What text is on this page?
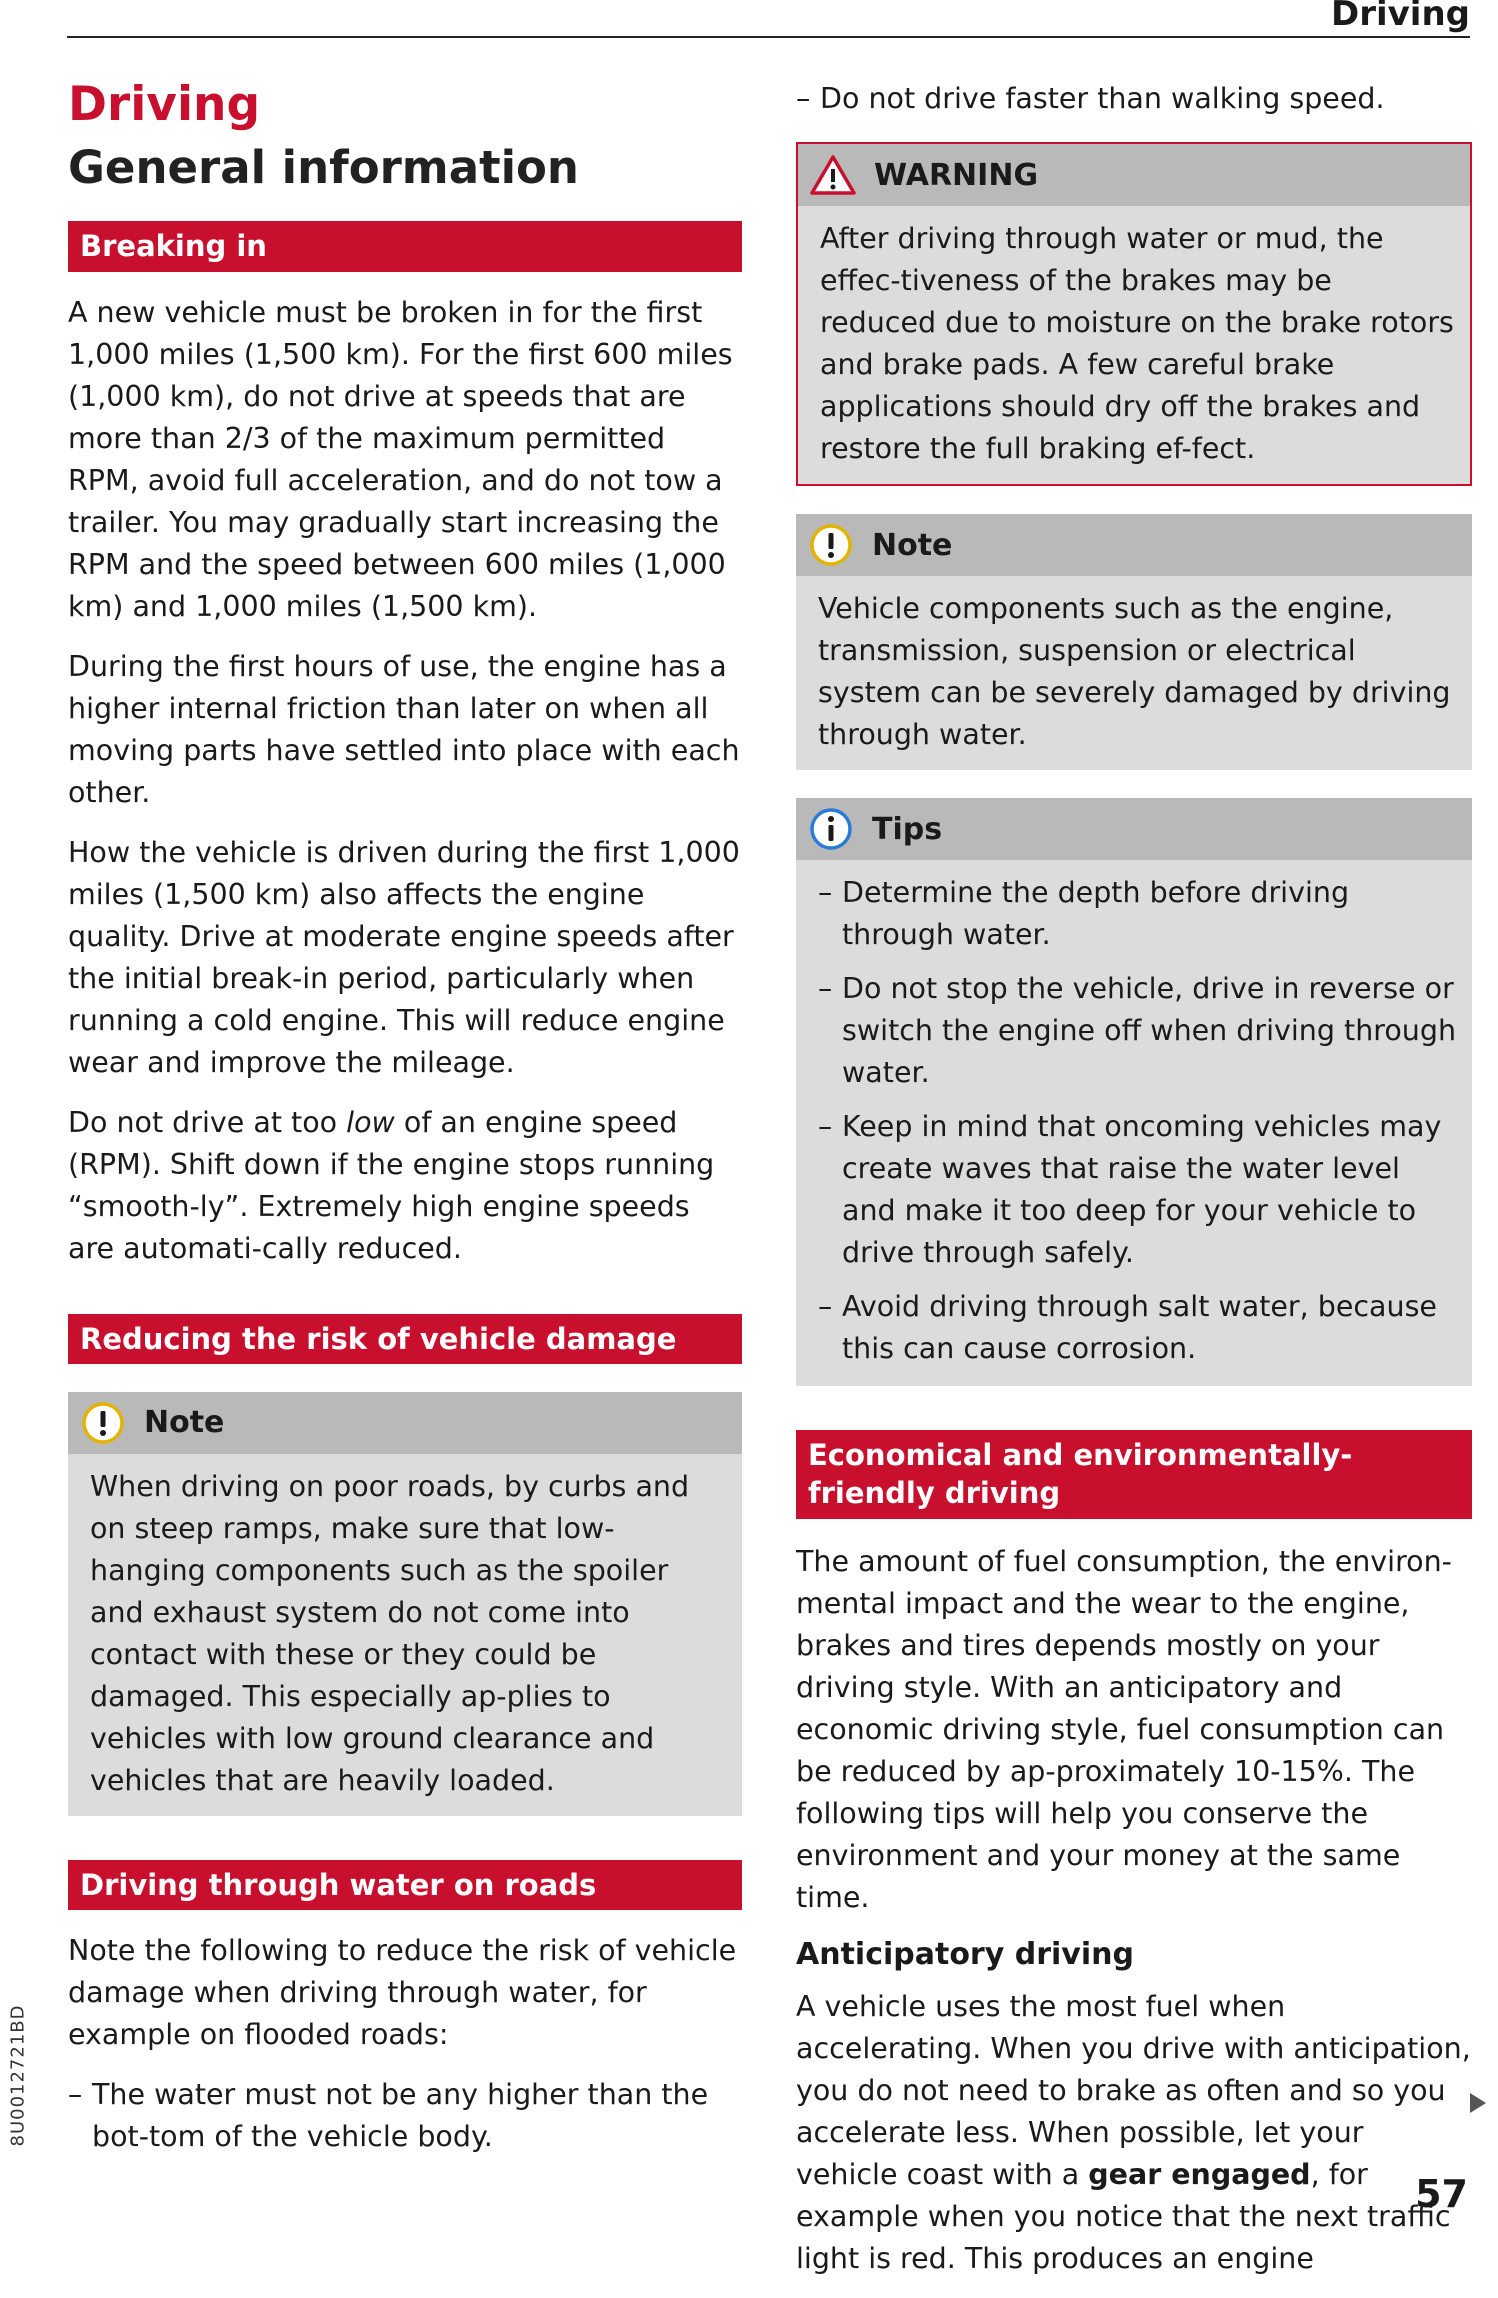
Driving
8U0012721BD
Driving
General information
Breaking in

A new vehicle must be broken in for the first 1,000 miles (1,500 km). For the first 600 miles (1,000 km), do not drive at speeds that are more than 2/3 of the maximum permitted RPM, avoid full acceleration, and do not tow a trailer. You may gradually start increasing the RPM and the speed between 600 miles (1,000 km) and 1,000 miles (1,500 km).

During the first hours of use, the engine has a higher internal friction than later on when all moving parts have settled into place with each other.

How the vehicle is driven during the first 1,000 miles (1,500 km) also affects the engine quality. Drive at moderate engine speeds after the initial break-in period, particularly when running a cold engine. This will reduce engine wear and improve the mileage.

Do not drive at too low of an engine speed (RPM). Shift down if the engine stops running “smooth-ly”. Extremely high engine speeds are automati-cally reduced.

Reducing the risk of vehicle damage
Note

When driving on poor roads, by curbs and on steep ramps, make sure that low-hanging components such as the spoiler and exhaust system do not come into contact with these or they could be damaged. This especially ap-plies to vehicles with low ground clearance and vehicles that are heavily loaded.

Driving through water on roads

Note the following to reduce the risk of vehicle damage when driving through water, for example on flooded roads:

– The water must not be any higher than the bot-tom of the vehicle body.
– Do not drive faster than walking speed.
WARNING

After driving through water or mud, the effec-tiveness of the brakes may be reduced due to moisture on the brake rotors and brake pads. A few careful brake applications should dry off the brakes and restore the full braking ef-fect.

Note

Vehicle components such as the engine, transmission, suspension or electrical system can be severely damaged by driving through water.

Tips
– Determine the depth before driving through water.
– Do not stop the vehicle, drive in reverse or switch the engine off when driving through water.
– Keep in mind that oncoming vehicles may create waves that raise the water level and make it too deep for your vehicle to drive through safely.
– Avoid driving through salt water, because this can cause corrosion.
Economical and environmentally-friendly driving

The amount of fuel consumption, the environ-mental impact and the wear to the engine, brakes and tires depends mostly on your driving style. With an anticipatory and economic driving style, fuel consumption can be reduced by ap-proximately 10-15%. The following tips will help you conserve the environment and your money at the same time.

Anticipatory driving

A vehicle uses the most fuel when accelerating. When you drive with anticipation, you do not need to brake as often and so you accelerate less. When possible, let your vehicle coast with a gear engaged, for example when you notice that the next traffic light is red. This produces an engine

57
